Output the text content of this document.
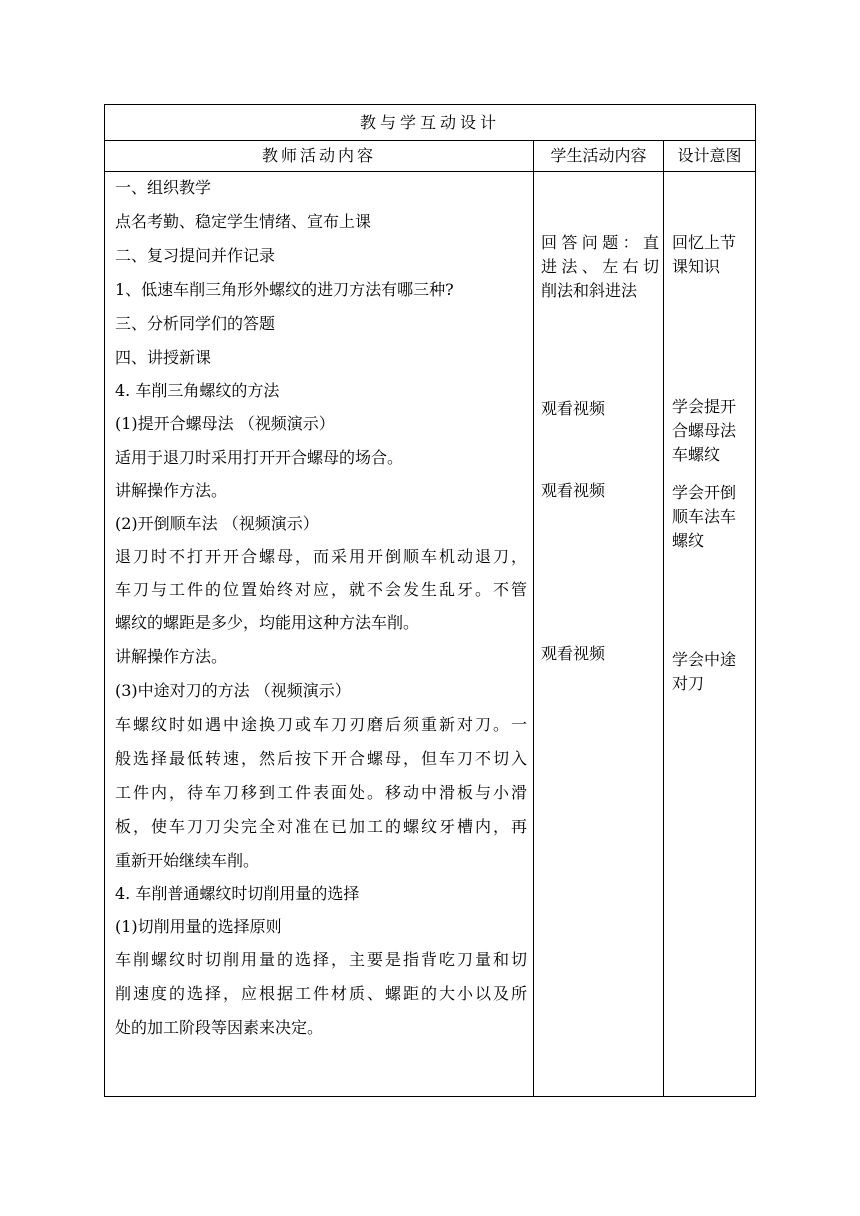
教与学互动设计
教师活动内容	学生活动内容	设计意图
一、组织教学
点名考勤、稳定学生情绪、宣布上课
二、复习提问并作记录
1、低速车削三角形外螺纹的进刀方法有哪三种?
三、分析同学们的答题
四、讲授新课
4. 车削三角螺纹的方法
(1)提开合螺母法 （视频演示）
适用于退刀时采用打开开合螺母的场合。
讲解操作方法。
(2)开倒顺车法 （视频演示）
退刀时不打开开合螺母，而采用开倒顺车机动退刀，
车刀与工件的位置始终对应，就不会发生乱牙。不管
螺纹的螺距是多少，均能用这种方法车削。
讲解操作方法。
(3)中途对刀的方法 （视频演示）
车螺纹时如遇中途换刀或车刀刃磨后须重新对刀。一
般选择最低转速，然后按下开合螺母，但车刀不切入
工件内，待车刀移到工件表面处。移动中滑板与小滑
板，使车刀刀尖完全对准在已加工的螺纹牙槽内，再
重新开始继续车削。
4. 车削普通螺纹时切削用量的选择
(1)切削用量的选择原则
车削螺纹时切削用量的选择，主要是指背吃刀量和切
削速度的选择，应根据工件材质、螺距的大小以及所
处的加工阶段等因素来决定。
回答问题：直
进法、左右切
削法和斜进法
观看视频
观看视频
观看视频
回忆上节
课知识
学会提开
合螺母法
车螺纹
学会开倒
顺车法车
螺纹
学会中途
对刀
